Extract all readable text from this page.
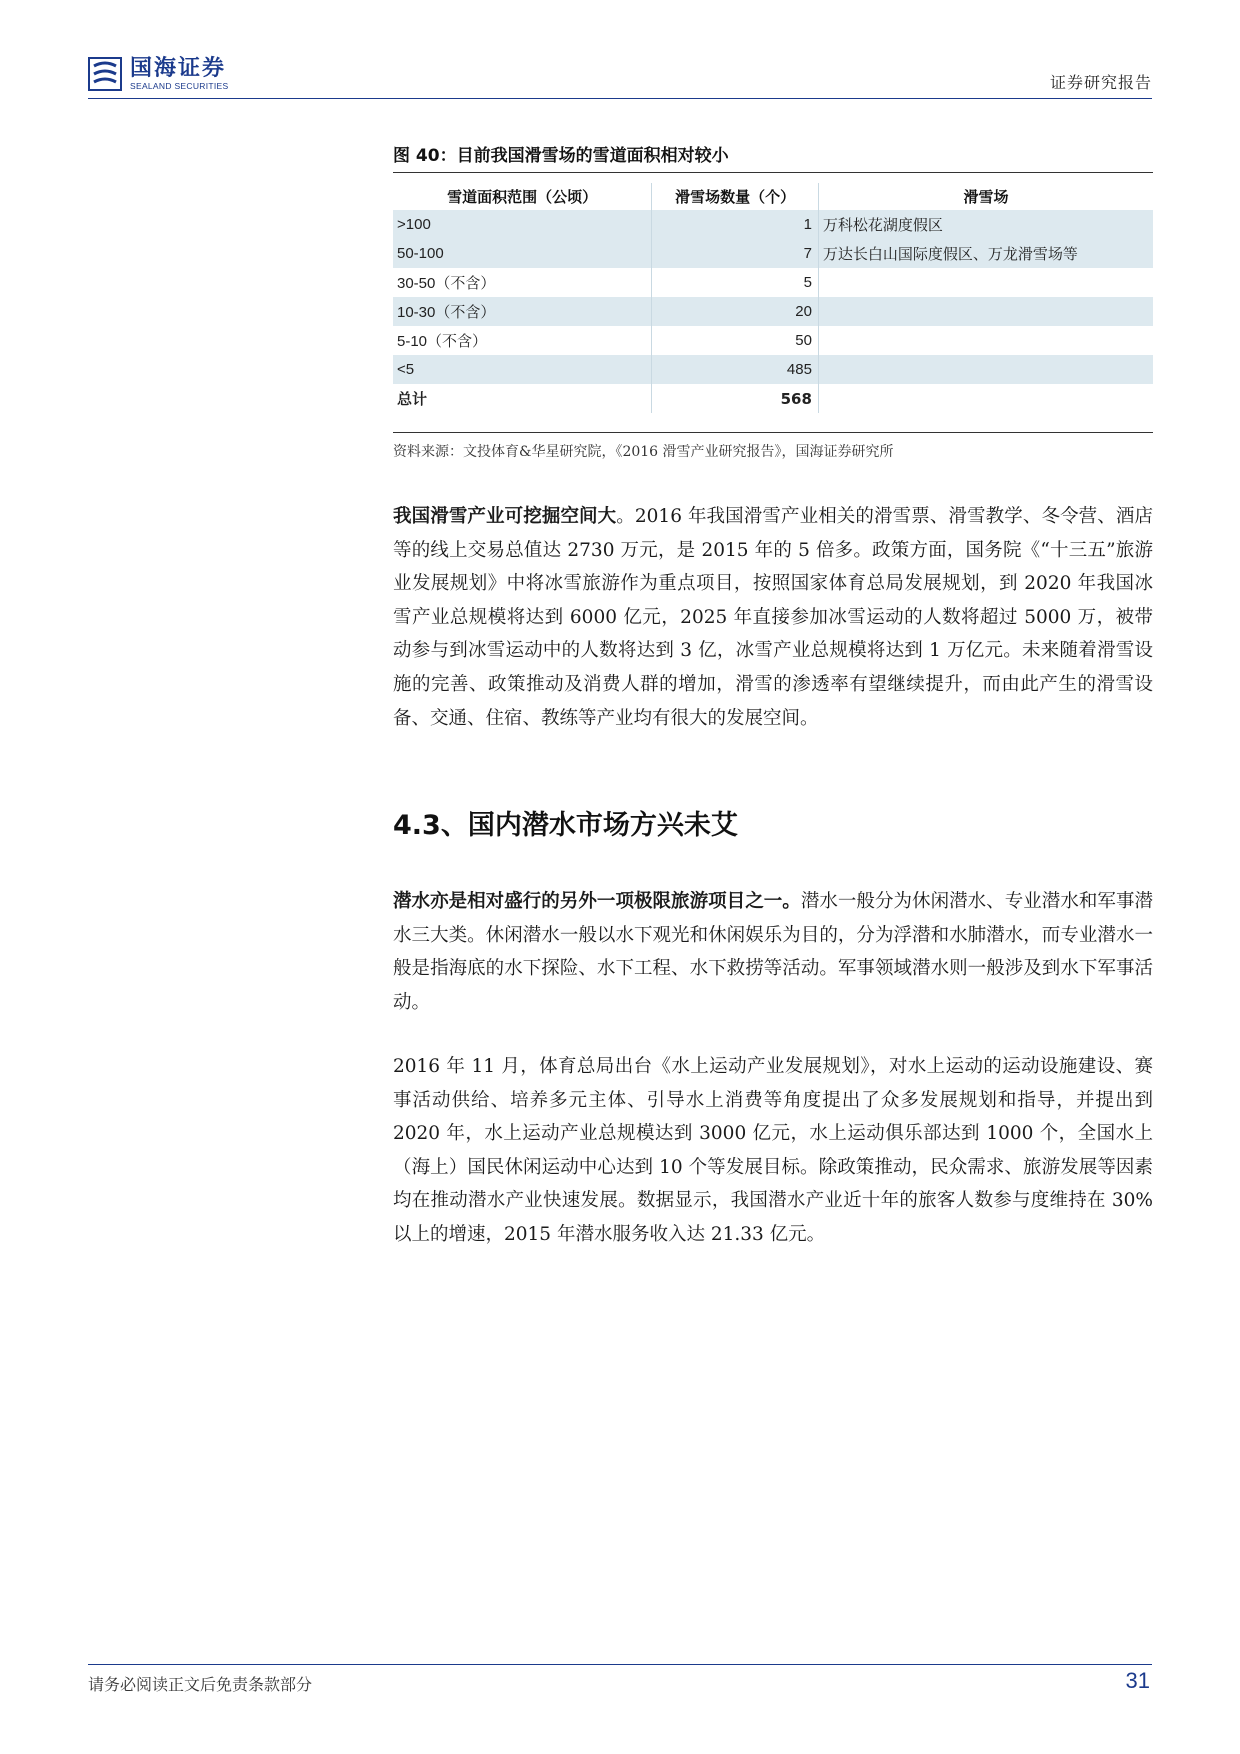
国海证券
SEALAND SECURITIES	证券研究报告
图 40：目前我国滑雪场的雪道面积相对较小
雪道面积范围（公顷）	滑雪场数量（个）	滑雪场
>100	1	万科松花湖度假区
50-100	7	万达长白山国际度假区、万龙滑雪场等
30-50（不含）	5	
10-30（不含）	20	
5-10（不含）	50	
<5	485	
总计	568	
资料来源：文投体育&华星研究院，《2016 滑雪产业研究报告》，国海证券研究所
我国滑雪产业可挖掘空间大。2016 年我国滑雪产业相关的滑雪票、滑雪教学、冬令营、酒店等的线上交易总值达 2730 万元，是 2015 年的 5 倍多。政策方面，国务院《“十三五”旅游业发展规划》中将冰雪旅游作为重点项目，按照国家体育总局发展规划，到 2020 年我国冰雪产业总规模将达到 6000 亿元，2025 年直接参加冰雪运动的人数将超过 5000 万，被带动参与到冰雪运动中的人数将达到 3 亿，冰雪产业总规模将达到 1 万亿元。未来随着滑雪设施的完善、政策推动及消费人群的增加，滑雪的渗透率有望继续提升，而由此产生的滑雪设备、交通、住宿、教练等产业均有很大的发展空间。
4.3、国内潜水市场方兴未艾
潜水亦是相对盛行的另外一项极限旅游项目之一。潜水一般分为休闲潜水、专业潜水和军事潜水三大类。休闲潜水一般以水下观光和休闲娱乐为目的，分为浮潜和水肺潜水，而专业潜水一般是指海底的水下探险、水下工程、水下救捞等活动。军事领域潜水则一般涉及到水下军事活动。
2016 年 11 月，体育总局出台《水上运动产业发展规划》，对水上运动的运动设施建设、赛事活动供给、培养多元主体、引导水上消费等角度提出了众多发展规划和指导，并提出到 2020 年，水上运动产业总规模达到 3000 亿元，水上运动俱乐部达到 1000 个，全国水上（海上）国民休闲运动中心达到 10 个等发展目标。除政策推动，民众需求、旅游发展等因素均在推动潜水产业快速发展。数据显示，我国潜水产业近十年的旅客人数参与度维持在 30%以上的增速，2015 年潜水服务收入达 21.33 亿元。
请务必阅读正文后免责条款部分	31
